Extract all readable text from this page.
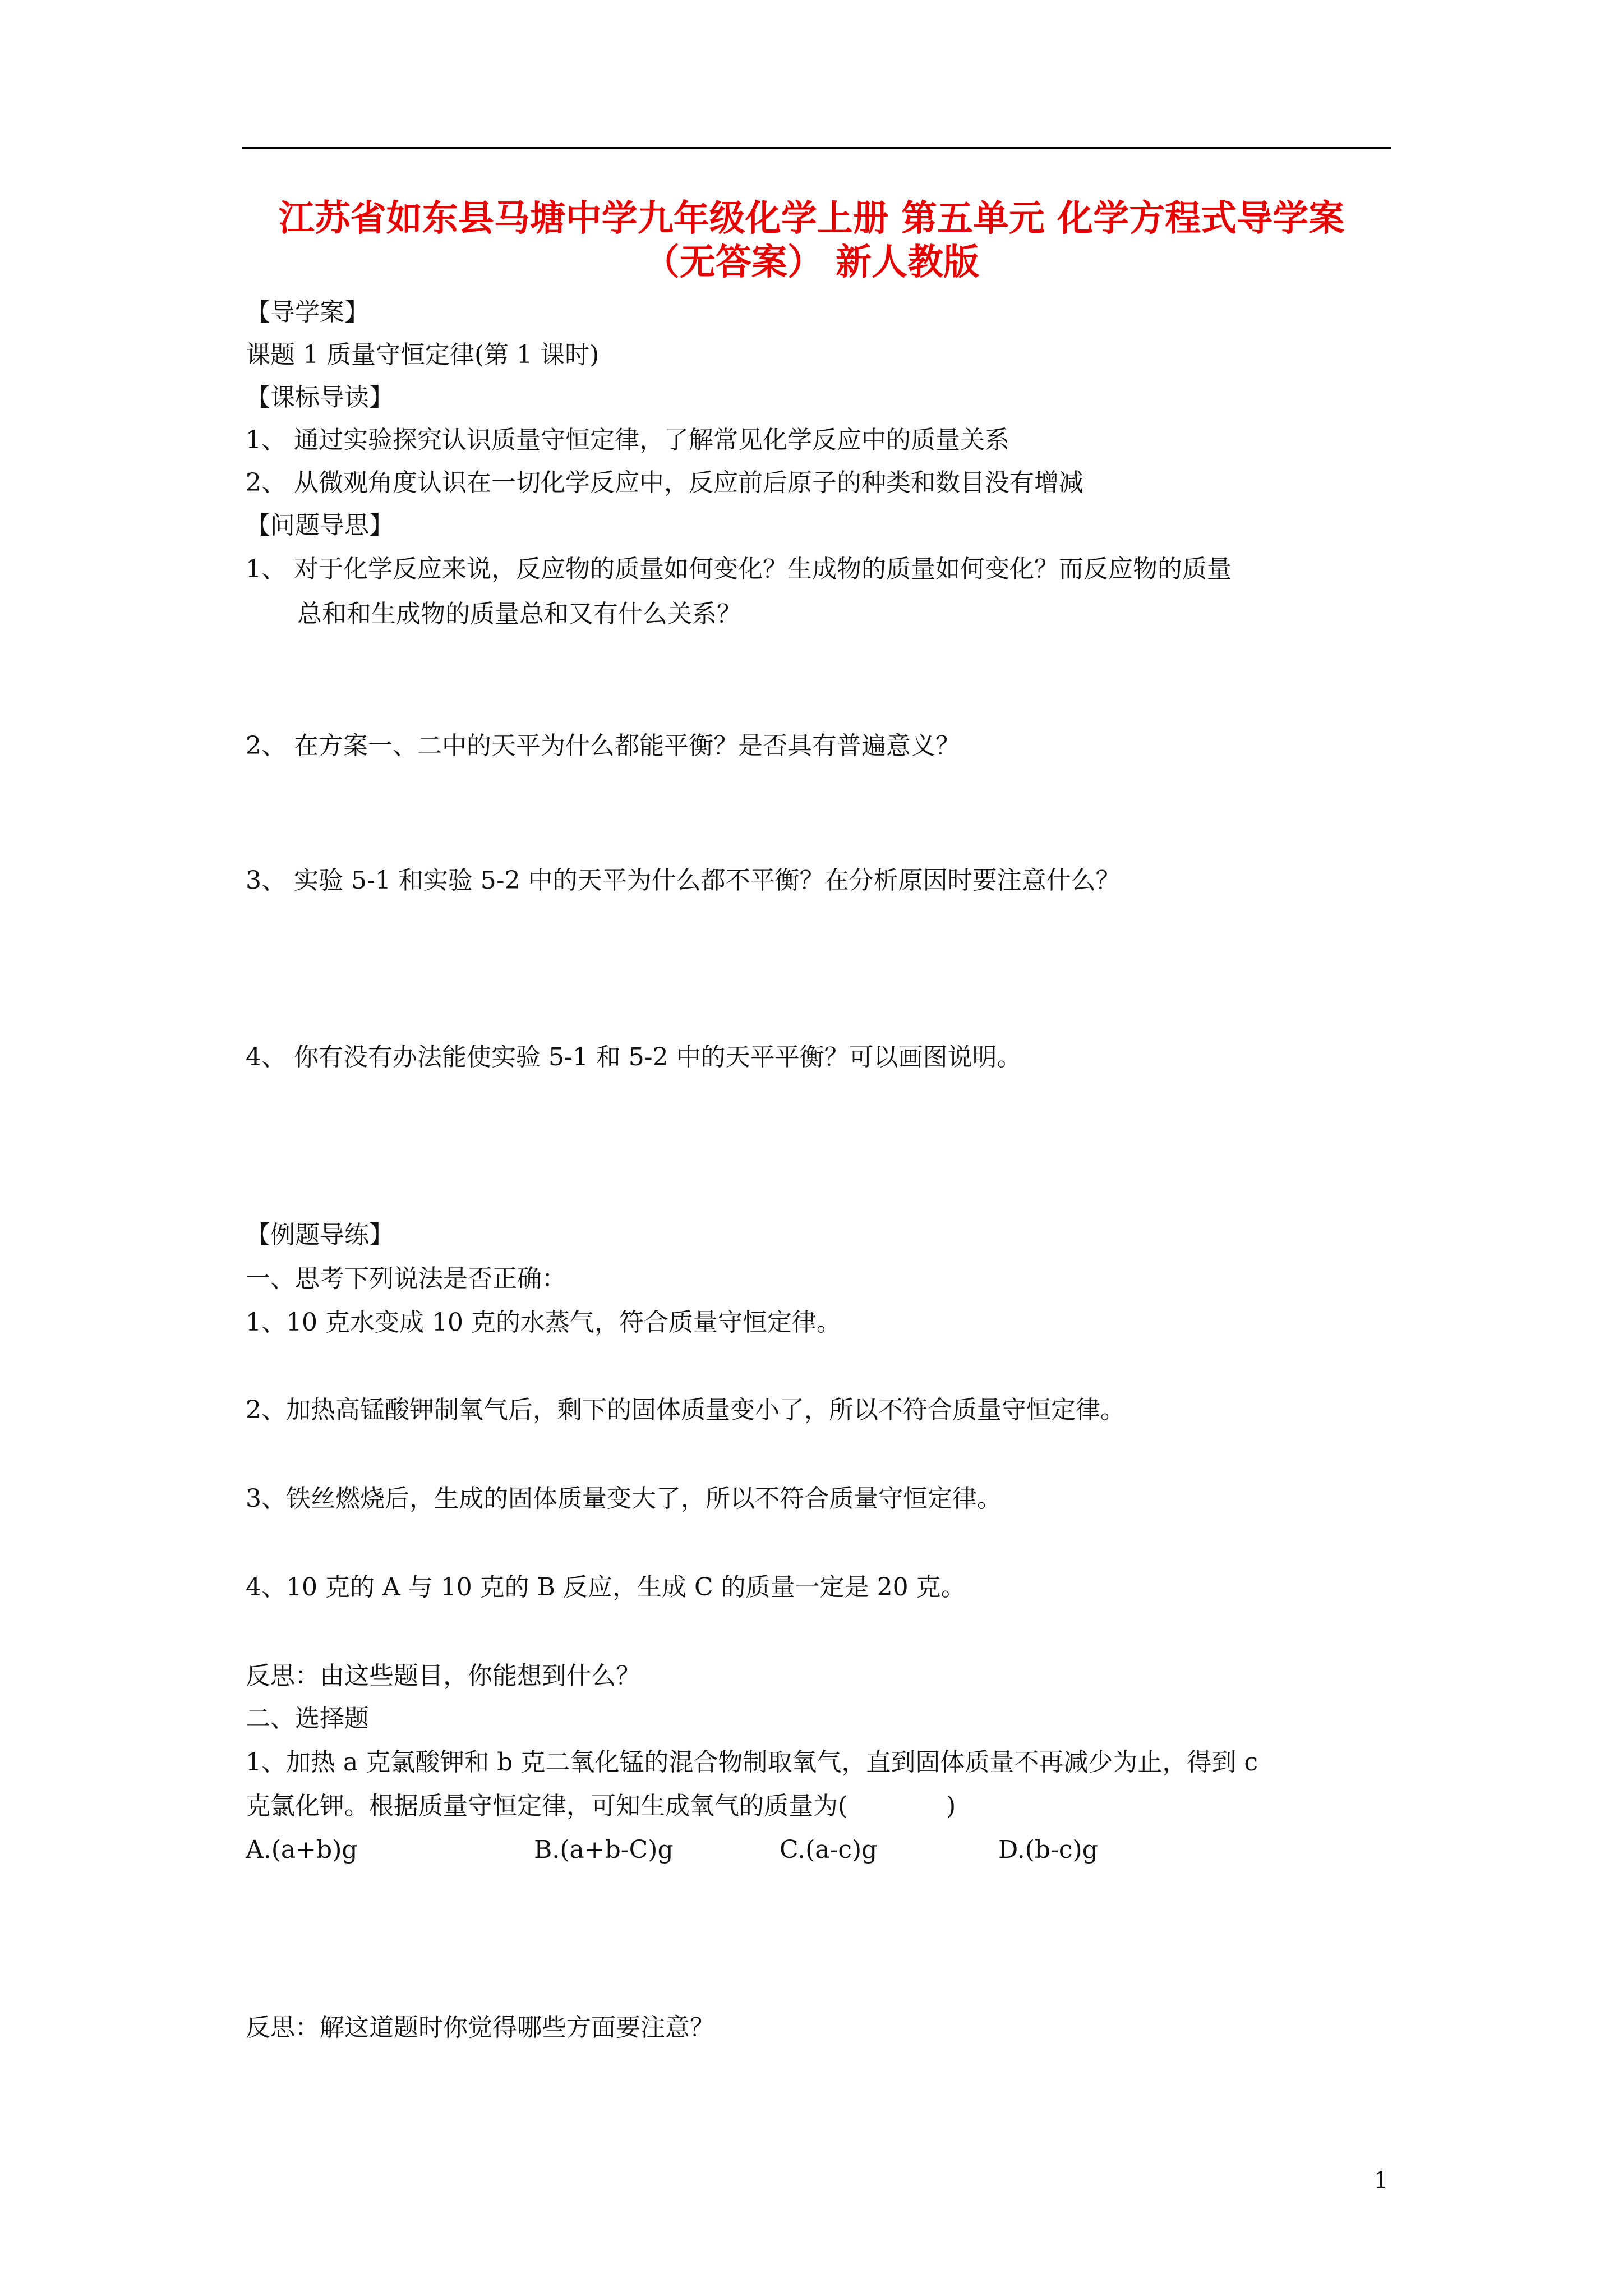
江苏省如东县马塘中学九年级化学上册 第五单元 化学方程式导学案
（无答案） 新人教版
【导学案】
课题 1 质量守恒定律(第 1 课时)
【课标导读】
1、 通过实验探究认识质量守恒定律，了解常见化学反应中的质量关系
2、 从微观角度认识在一切化学反应中，反应前后原子的种类和数目没有增减
【问题导思】
1、 对于化学反应来说，反应物的质量如何变化？生成物的质量如何变化？而反应物的质量
总和和生成物的质量总和又有什么关系？
2、 在方案一、二中的天平为什么都能平衡？是否具有普遍意义？
3、 实验 5-1 和实验 5-2 中的天平为什么都不平衡？在分析原因时要注意什么？
4、 你有没有办法能使实验 5-1 和 5-2 中的天平平衡？可以画图说明。
【例题导练】
一、思考下列说法是否正确：
1、10 克水变成 10 克的水蒸气，符合质量守恒定律。
2、加热高锰酸钾制氧气后，剩下的固体质量变小了，所以不符合质量守恒定律。
3、铁丝燃烧后，生成的固体质量变大了，所以不符合质量守恒定律。
4、10 克的 A 与 10 克的 B 反应，生成 C 的质量一定是 20 克。
反思：由这些题目，你能想到什么？
二、选择题
1、加热 a 克氯酸钾和 b 克二氧化锰的混合物制取氧气，直到固体质量不再减少为止，得到 c
克氯化钾。根据质量守恒定律，可知生成氧气的质量为(　　　　)
A.(a+b)g	B.(a+b-C)g	C.(a-c)g	D.(b-c)g
反思：解这道题时你觉得哪些方面要注意？
1
